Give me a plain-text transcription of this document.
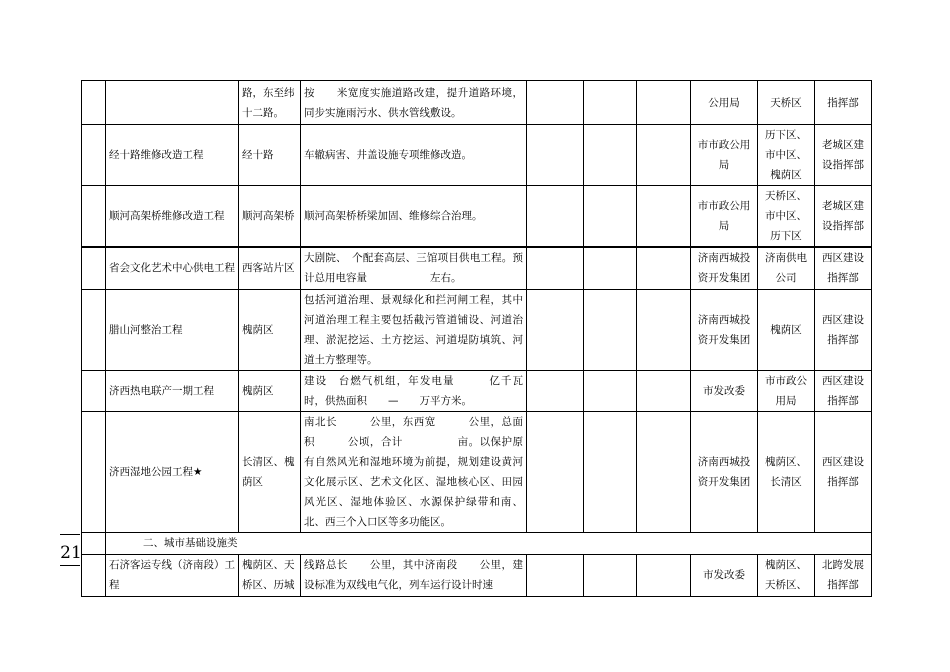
		路，东至纬十二路。	按　　米宽度实施道路改建，提升道路环境，同步实施雨污水、供水管线敷设。				公用局	天桥区	指挥部
	经十路维修改造工程	经十路	车辙病害、井盖设施专项维修改造。				市市政公用局	历下区、市中区、槐荫区	老城区建设指挥部
	顺河高架桥维修改造工程	顺河高架桥	顺河高架桥桥梁加固、维修综合治理。				市市政公用局	天桥区、市中区、历下区	老城区建设指挥部
	省会文化艺术中心供电工程	西客站片区	大剧院、　个配套高层、三馆项目供电工程。预计总用电容量　　　　　　左右。				济南西城投资开发集团	济南供电公司	西区建设指挥部
	腊山河整治工程	槐荫区	包括河道治理、景观绿化和拦河闸工程，其中河道治理工程主要包括截污管道铺设、河道治理、淤泥挖运、土方挖运、河道堤防填筑、河道土方整理等。				济南西城投资开发集团	槐荫区	西区建设指挥部
	济西热电联产一期工程	槐荫区	建设　台燃气机组，年发电量　　　亿千瓦时，供热面积　　—　　万平方米。				市发改委	市市政公用局	西区建设指挥部
	济西湿地公园工程★	长清区、槐荫区	南北长　　　公里，东西宽　　　公里，总面积　　　公顷，合计　　　　　亩。以保护原有自然风光和湿地环境为前提，规划建设黄河文化展示区、艺术文化区、湿地核心区、田园风光区、湿地体验区、水源保护绿带和南、北、西三个入口区等多功能区。				济南西城投资开发集团	槐荫区、长清区	西区建设指挥部
	二、城市基础设施类								
	石济客运专线（济南段）工程	槐荫区、天桥区、历城	线路总长　　公里，其中济南段　　公里，建设标准为双线电气化，列车运行设计时速				市发改委	槐荫区、天桥区、	北跨发展指挥部
21
